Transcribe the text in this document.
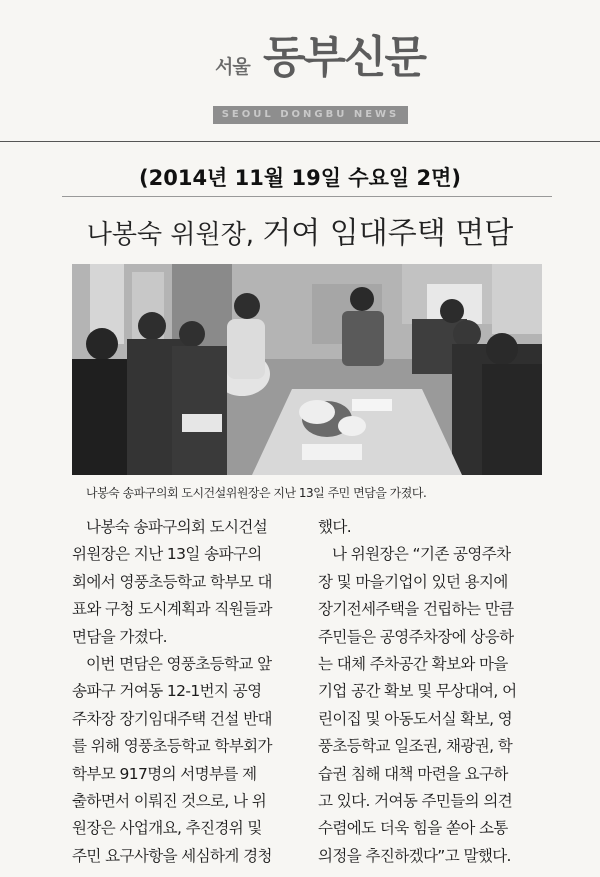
서울 동부신문
SEOUL DONGBU NEWS
(2014년 11월 19일 수요일 2면)
나봉숙 위원장, 거여 임대주택 면담
나봉숙 송파구의회 도시건설위원장은 지난 13일 주민 면담을 가졌다.
나봉숙 송파구의회 도시건설
위원장은 지난 13일 송파구의
회에서 영풍초등학교 학부모 대
표와 구청 도시계획과 직원들과
면담을 가졌다.
이번 면담은 영풍초등학교 앞
송파구 거여동 12-1번지 공영
주차장 장기임대주택 건설 반대
를 위해 영풍초등학교 학부회가
학부모 917명의 서명부를 제
출하면서 이뤄진 것으로, 나 위
원장은 사업개요, 추진경위 및
주민 요구사항을 세심하게 경청
했다.
나 위원장은 “기존 공영주차
장 및 마을기업이 있던 용지에
장기전세주택을 건립하는 만큼
주민들은 공영주차장에 상응하
는 대체 주차공간 확보와 마을
기업 공간 확보 및 무상대여, 어
린이집 및 아동도서실 확보, 영
풍초등학교 일조권, 채광권, 학
습권 침해 대책 마련을 요구하
고 있다. 거여동 주민들의 의견
수렴에도 더욱 힘을 쏟아 소통
의정을 추진하겠다”고 말했다.
